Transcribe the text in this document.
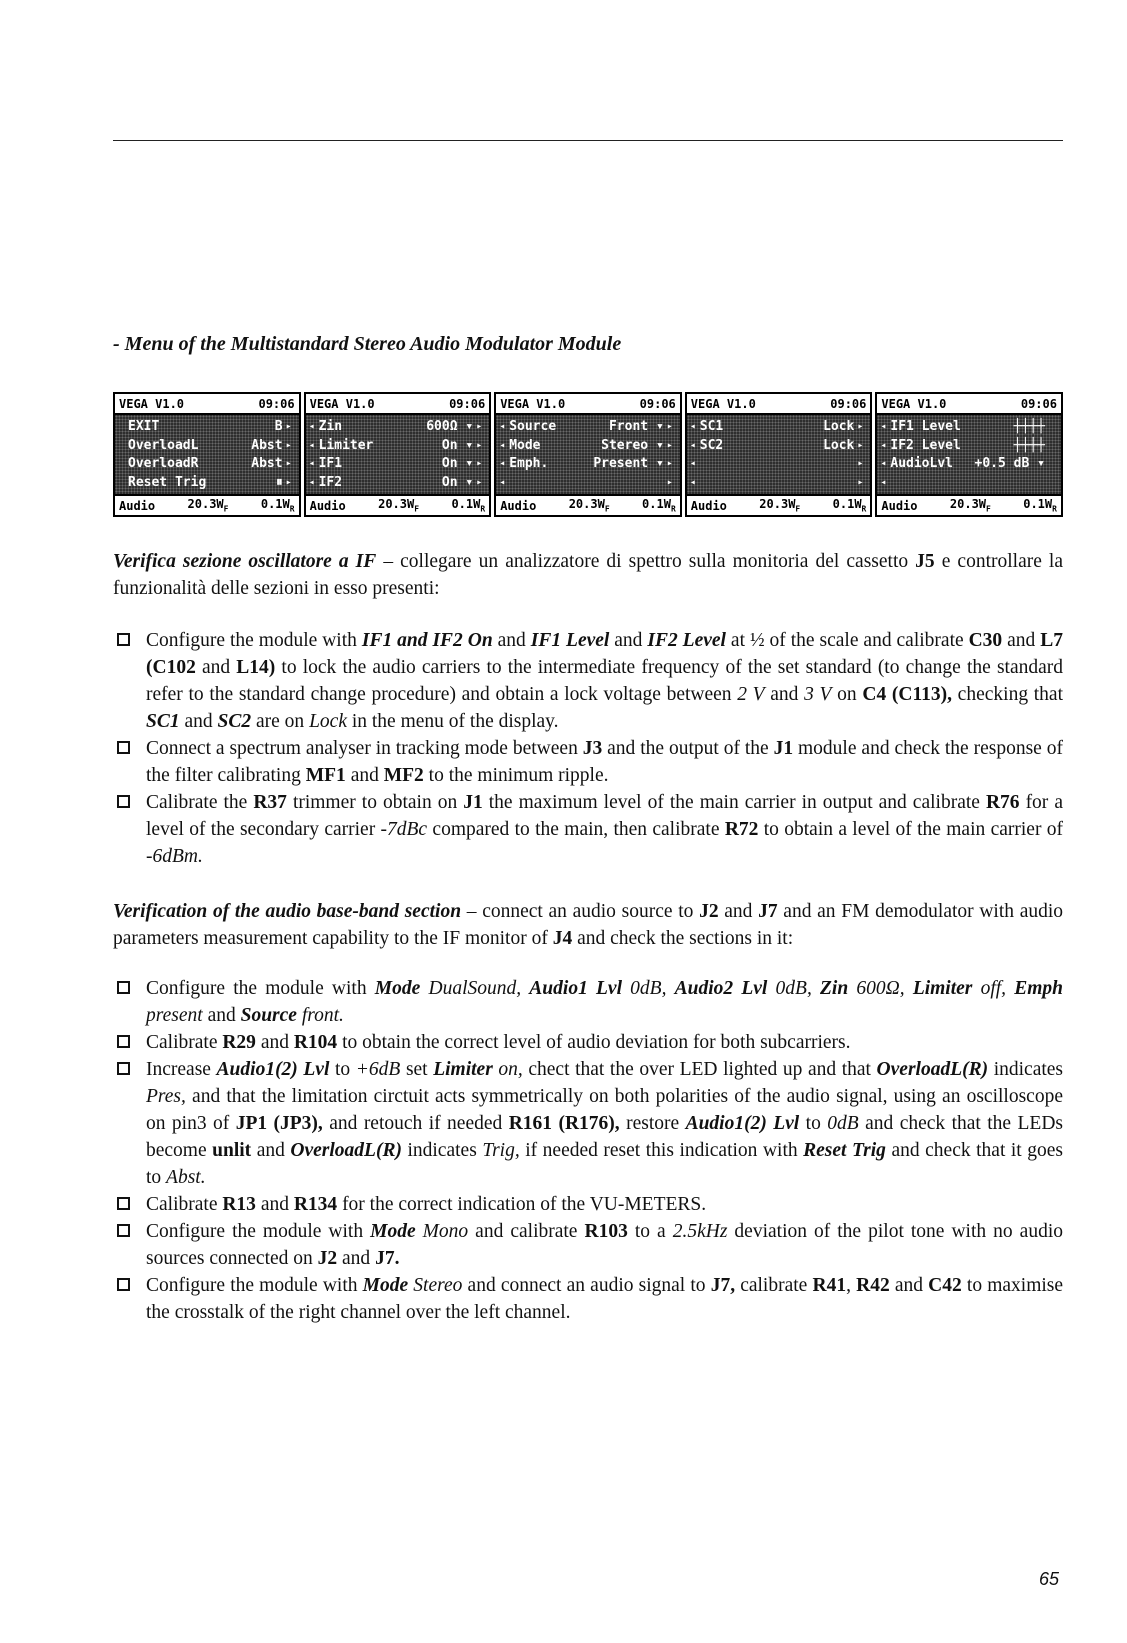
- Menu of the Multistandard Stereo Audio Modulator Module
VEGA V1.0	09:06
EXIT	B ▸
OverloadL	Abst ▸
OverloadR	Abst ▸
Reset Trig	⏸ ▸
Audio	$20.3W_F$	$0.1W_R$
VEGA V1.0	09:06
◂ Zin	600Ω ▾ ▸
◂ Limiter	On ▾ ▸
◂ IF1	On ▾ ▸
◂ IF2	On ▾ ▸
Audio	$20.3W_F$	$0.1W_R$
VEGA V1.0	09:06
◂ Source	Front ▾ ▸
◂ Mode	Stereo ▾ ▸
◂ Emph.	Present ▾ ▸
◂	▸
Audio	$20.3W_F$	$0.1W_R$
VEGA V1.0	09:06
◂ SC1	Lock ▸
◂ SC2	Lock ▸
◂	▸
◂	▸
Audio	$20.3W_F$	$0.1W_R$
VEGA V1.0	09:06
◂ IF1 Level	┼┼┼┼
◂ IF2 Level	┼┼┼┼
◂ AudioLvl	+0.5 dB ▾
◂
Audio	$20.3W_F$	$0.1W_R$

Verifica sezione oscillatore a IF – collegare un analizzatore di spettro sulla monitoria del cassetto J5 e controllare la funzionalità delle sezioni in esso presenti:

Configure the module with IF1 and IF2 On and IF1 Level and IF2 Level at ½ of the scale and calibrate C30 and L7 (C102 and L14) to lock the audio carriers to the intermediate frequency of the set standard (to change the standard refer to the standard change procedure) and obtain a lock voltage between 2 V and 3 V on C4 (C113), checking that SC1 and SC2 are on Lock in the menu of the display.
Connect a spectrum analyser in tracking mode between J3 and the output of the J1 module and check the response of the filter calibrating MF1 and MF2 to the minimum ripple.
Calibrate the R37 trimmer to obtain on J1 the maximum level of the main carrier in output and calibrate R76 for a level of the secondary carrier -7dBc compared to the main, then calibrate R72 to obtain a level of the main carrier of -6dBm.

Verification of the audio base-band section – connect an audio source to J2 and J7 and an FM demodulator with audio parameters measurement capability to the IF monitor of J4 and check the sections in it:

Configure the module with Mode DualSound, Audio1 Lvl 0dB, Audio2 Lvl 0dB, Zin 600Ω, Limiter off, Emph present and Source front.
Calibrate R29 and R104 to obtain the correct level of audio deviation for both subcarriers.
Increase Audio1(2) Lvl to +6dB set Limiter on, chect that the over LED lighted up and that OverloadL(R) indicates Pres, and that the limitation circtuit acts symmetrically on both polarities of the audio signal, using an oscilloscope on pin3 of JP1 (JP3), and retouch if needed R161 (R176), restore Audio1(2) Lvl to 0dB and check that the LEDs become unlit and OverloadL(R) indicates Trig, if needed reset this indication with Reset Trig and check that it goes to Abst.
Calibrate R13 and R134 for the correct indication of the VU-METERS.
Configure the module with Mode Mono and calibrate R103 to a 2.5kHz deviation of the pilot tone with no audio sources connected on J2 and J7.
Configure the module with Mode Stereo and connect an audio signal to J7, calibrate R41, R42 and C42 to maximise the crosstalk of the right channel over the left channel.
65
